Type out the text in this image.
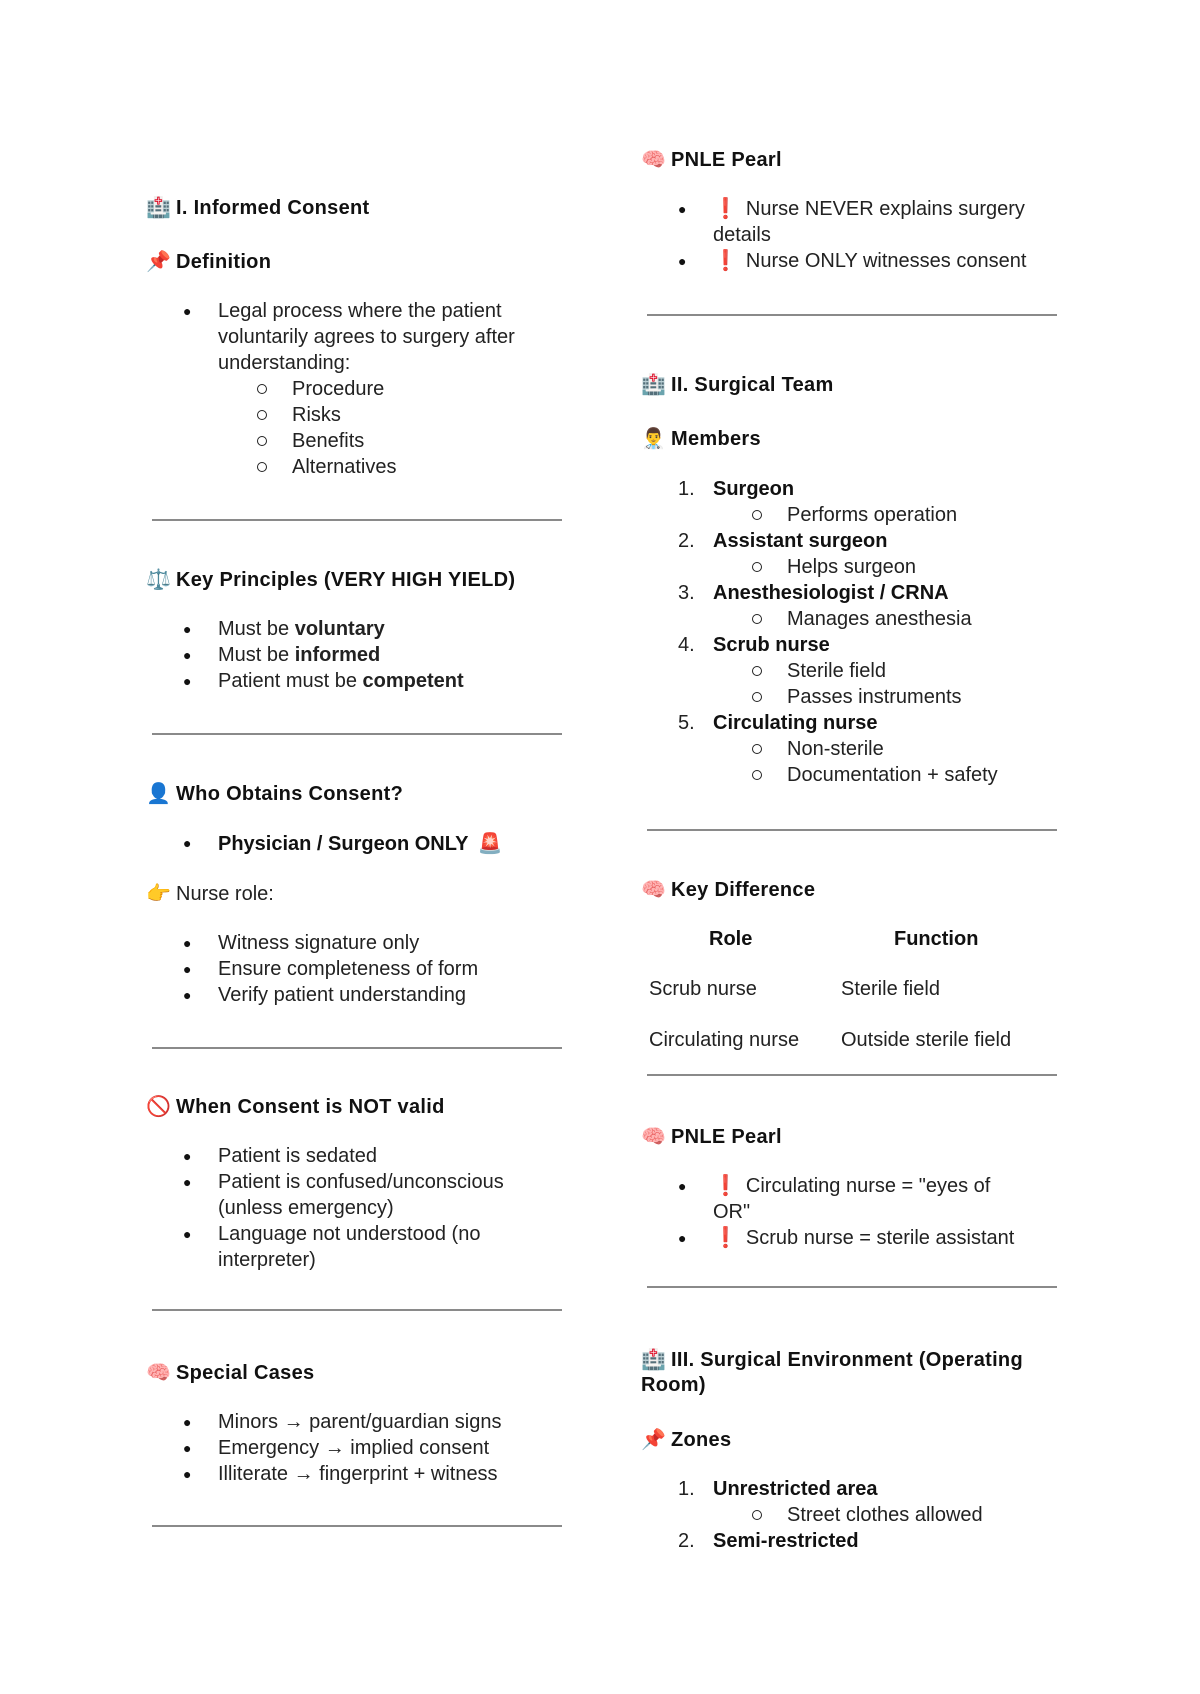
🏥 I. Informed Consent
📌 Definition
● Legal process where the patient
voluntarily agrees to surgery after
understanding:
Procedure
Risks
Benefits
Alternatives
⚖️ Key Principles (VERY HIGH YIELD)
● Must be voluntary
● Must be informed
● Patient must be competent
👤 Who Obtains Consent?
● Physician / Surgeon ONLY 🚨
👉 Nurse role:
● Witness signature only
● Ensure completeness of form
● Verify patient understanding
🚫 When Consent is NOT valid
● Patient is sedated
● Patient is confused/unconscious
(unless emergency)
● Language not understood (no
interpreter)
🧠 Special Cases
● Minors → parent/guardian signs
● Emergency → implied consent
● Illiterate → fingerprint + witness
🧠 PNLE Pearl
● ❗ Nurse NEVER explains surgery
details
● ❗ Nurse ONLY witnesses consent
🏥 II. Surgical Team
👨‍⚕️ Members
1. Surgeon
Performs operation
2. Assistant surgeon
Helps surgeon
3. Anesthesiologist / CRNA
Manages anesthesia
4. Scrub nurse
Sterile field
Passes instruments
5. Circulating nurse
Non-sterile
Documentation + safety
🧠 Key Difference
Role	Function
Scrub nurse	Sterile field
Circulating nurse Outside sterile field
🧠 PNLE Pearl
● ❗ Circulating nurse = "eyes of
OR"
● ❗ Scrub nurse = sterile assistant
🏥 III. Surgical Environment (Operating
Room)
📌 Zones
1. Unrestricted area
Street clothes allowed
2. Semi-restricted
